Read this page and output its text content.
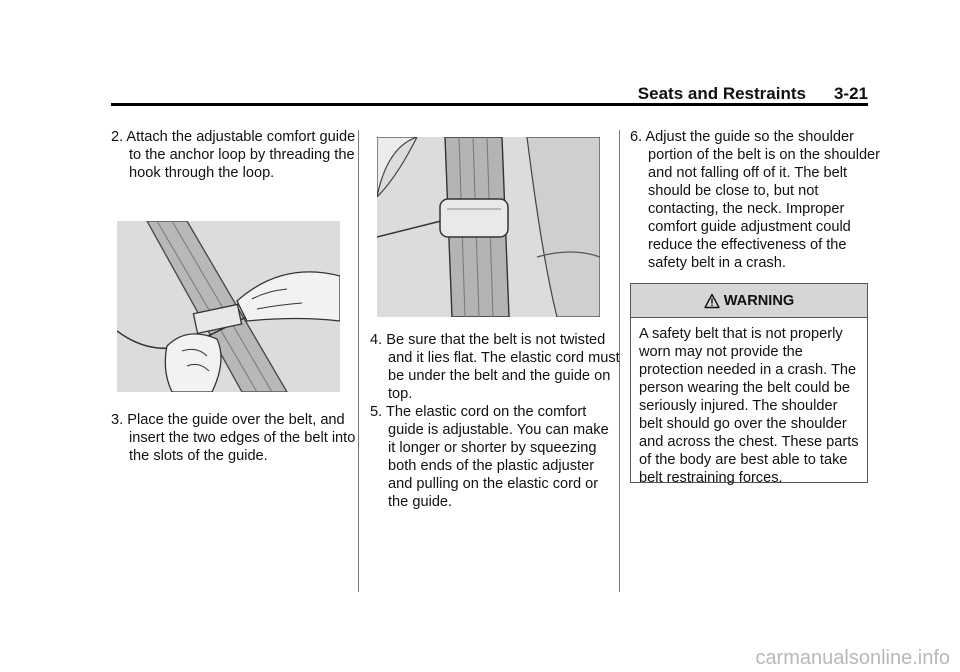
Seats and Restraints 3-21
2. Attach the adjustable comfort guide to the anchor loop by threading the hook through the loop.
3. Place the guide over the belt, and insert the two edges of the belt into the slots of the guide.
4. Be sure that the belt is not twisted and it lies flat. The elastic cord must be under the belt and the guide on top.
5. The elastic cord on the comfort guide is adjustable. You can make it longer or shorter by squeezing both ends of the plastic adjuster and pulling on the elastic cord or the guide.
6. Adjust the guide so the shoulder portion of the belt is on the shoulder and not falling off of it. The belt should be close to, but not contacting, the neck. Improper comfort guide adjustment could reduce the effectiveness of the safety belt in a crash.
WARNING
A safety belt that is not properly worn may not provide the protection needed in a crash. The person wearing the belt could be seriously injured. The shoulder belt should go over the shoulder and across the chest. These parts of the body are best able to take belt restraining forces.
carmanualsonline.info
